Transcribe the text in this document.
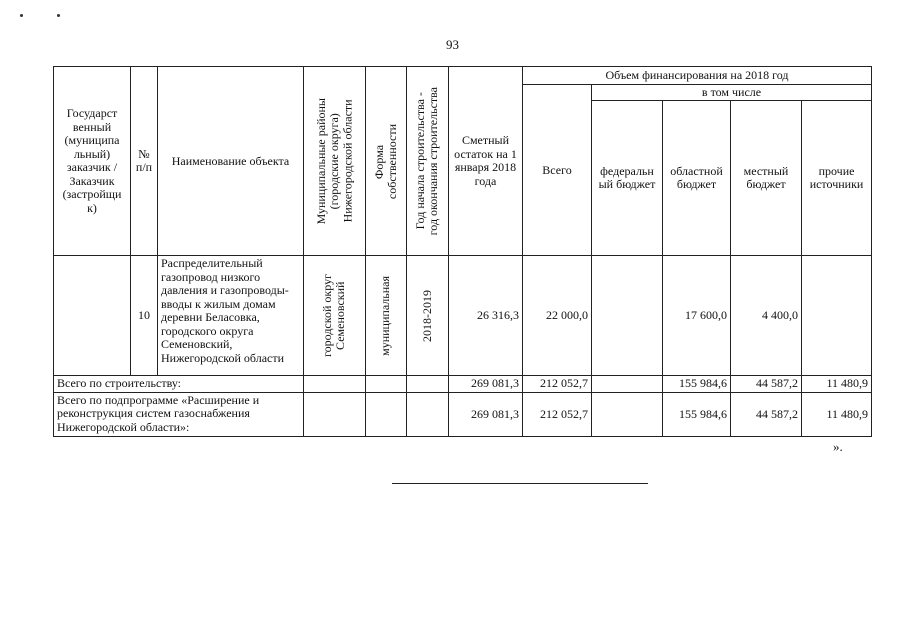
93
Государст венный (муниципа льный) заказчик / Заказчик (застройщи к)	№ п/п	Наименование объекта	Муниципальные районы
(городские округа)
Нижегородской области	Форма
собственности	Год начала строительства -
год окончания строительства	Сметный остаток на 1 января 2018 года	Объем финансирования на 2018 год				
							Всего	в том числе			
								федеральн ый бюджет	областной бюджет	местный бюджет	прочие источники
	10	Распределительный газопровод низкого давления и газопроводы-вводы к жилым домам деревни Беласовка, городского округа Семеновский, Нижегородской области	городской округ
Семеновский	муниципальная	2018-2019	26 316,3	22 000,0		17 600,0	4 400,0	
Всего по строительству:						269 081,3	212 052,7		155 984,6	44 587,2	11 480,9
Всего по подпрограмме «Расширение и реконструкция систем газоснабжения Нижегородской области»:						269 081,3	212 052,7		155 984,6	44 587,2	11 480,9
».
